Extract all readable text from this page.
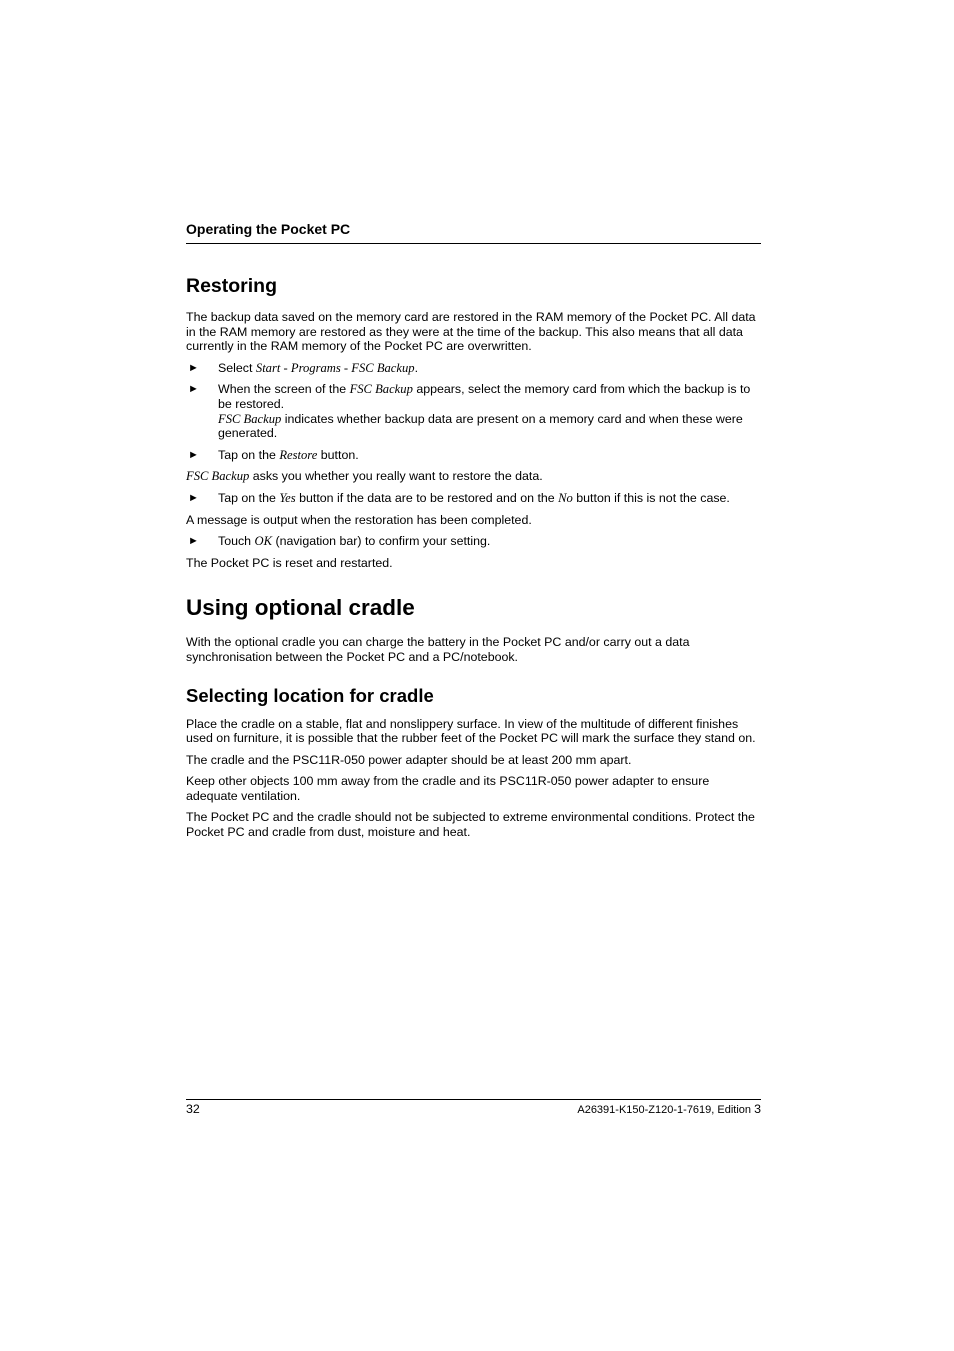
Operating the Pocket PC
Restoring

The backup data saved on the memory card are restored in the RAM memory of the Pocket PC. All data in the RAM memory are restored as they were at the time of the backup. This also means that all data currently in the RAM memory of the Pocket PC are overwritten.

► Select Start - Programs - FSC Backup.
► When the screen of the FSC Backup appears, select the memory card from which the backup is to be restored.
FSC Backup indicates whether backup data are present on a memory card and when these were generated.
► Tap on the Restore button.

FSC Backup asks you whether you really want to restore the data.

► Tap on the Yes button if the data are to be restored and on the No button if this is not the case.

A message is output when the restoration has been completed.

► Touch OK (navigation bar) to confirm your setting.

The Pocket PC is reset and restarted.

Using optional cradle

With the optional cradle you can charge the battery in the Pocket PC and/or carry out a data synchronisation between the Pocket PC and a PC/notebook.

Selecting location for cradle

Place the cradle on a stable, flat and nonslippery surface. In view of the multitude of different finishes used on furniture, it is possible that the rubber feet of the Pocket PC will mark the surface they stand on.

The cradle and the PSC11R-050 power adapter should be at least 200 mm apart.

Keep other objects 100 mm away from the cradle and its PSC11R-050 power adapter to ensure adequate ventilation.

The Pocket PC and the cradle should not be subjected to extreme environmental conditions. Protect the Pocket PC and cradle from dust, moisture and heat.

32	A26391-K150-Z120-1-7619, Edition 3
